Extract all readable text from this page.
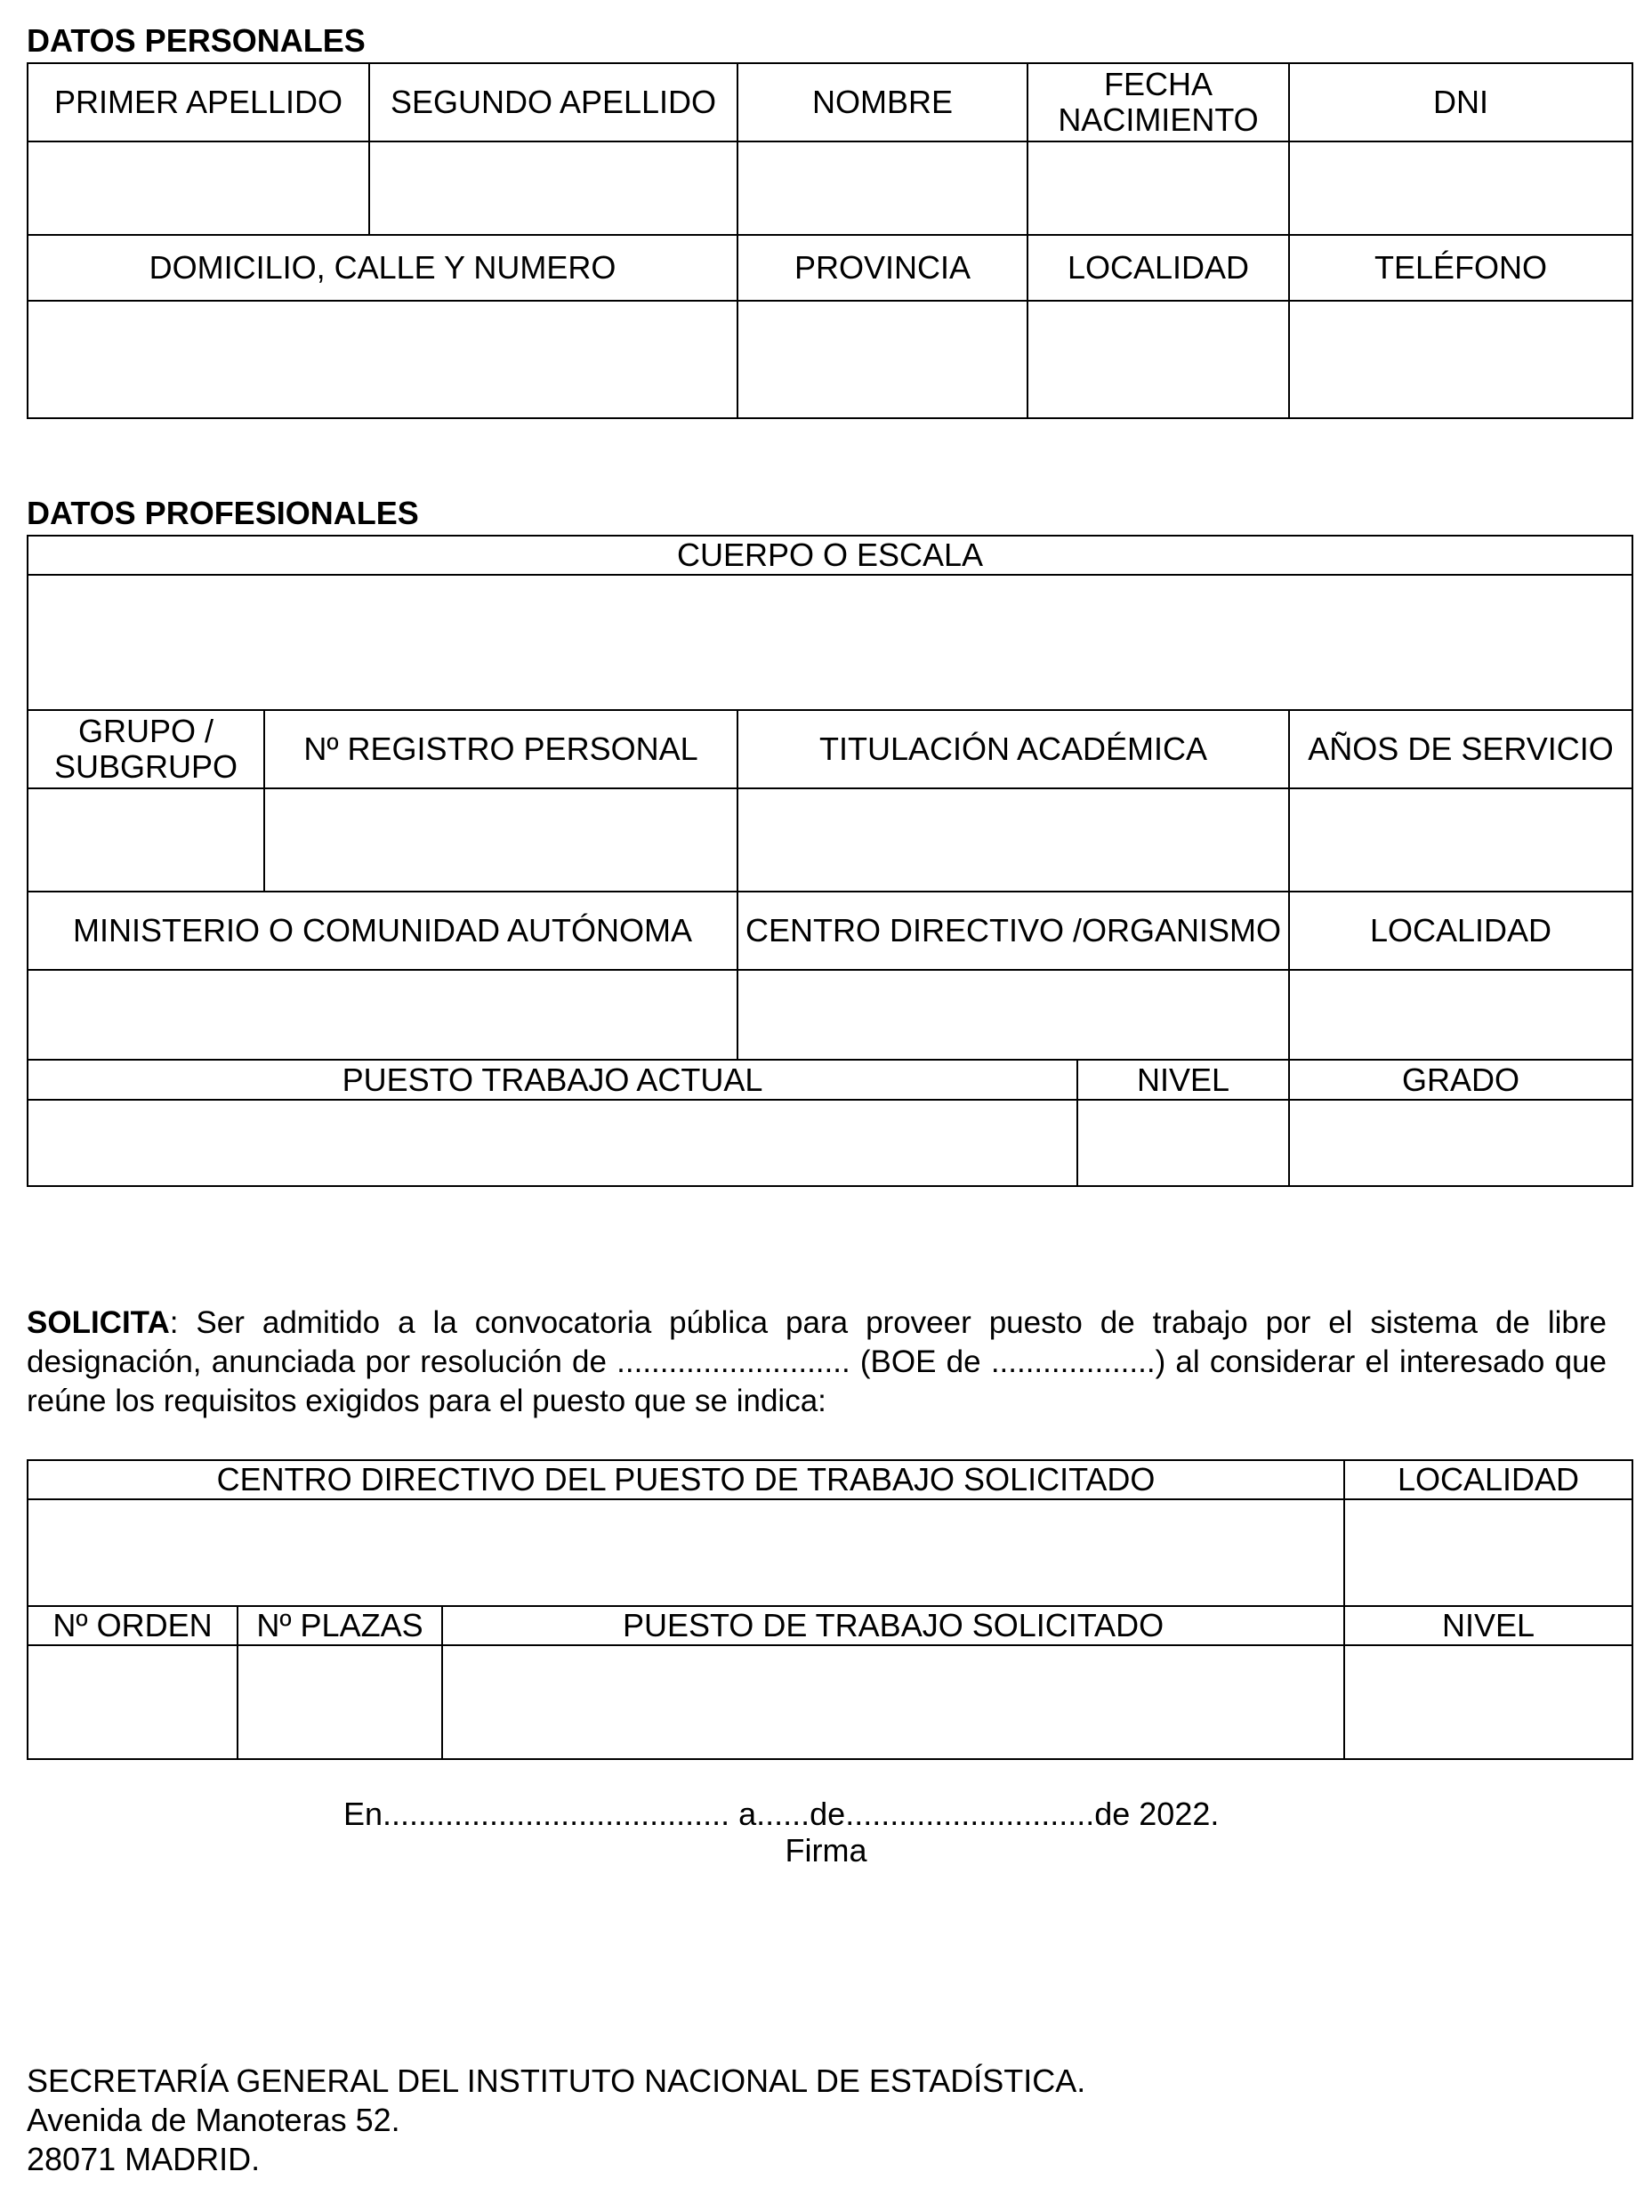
DATOS PERSONALES
PRIMER APELLIDO	SEGUNDO APELLIDO	NOMBRE	FECHA NACIMIENTO	DNI

DOMICILIO, CALLE Y NUMERO		PROVINCIA	LOCALIDAD	TELÉFONO

DATOS PROFESIONALES
CUERPO O ESCALA				

GRUPO / SUBGRUPO	Nº REGISTRO PERSONAL	TITULACIÓN ACADÉMICA		AÑOS DE SERVICIO

MINISTERIO O COMUNIDAD AUTÓNOMA		CENTRO DIRECTIVO /ORGANISMO		LOCALIDAD

PUESTO TRABAJO ACTUAL			NIVEL	GRADO

SOLICITA: Ser admitido a la convocatoria pública para proveer puesto de trabajo por el sistema de libre designación, anunciada por resolución de ........................... (BOE de ...................) al considerar el interesado que reúne los requisitos exigidos para el puesto que se indica:
CENTRO DIRECTIVO DEL PUESTO DE TRABAJO SOLICITADO			LOCALIDAD

Nº ORDEN	Nº PLAZAS	PUESTO DE TRABAJO SOLICITADO	NIVEL

En....................................... a......de............................de 2022.
Firma
SECRETARÍA GENERAL DEL INSTITUTO NACIONAL DE ESTADÍSTICA.
Avenida de Manoteras 52.
28071 MADRID.
